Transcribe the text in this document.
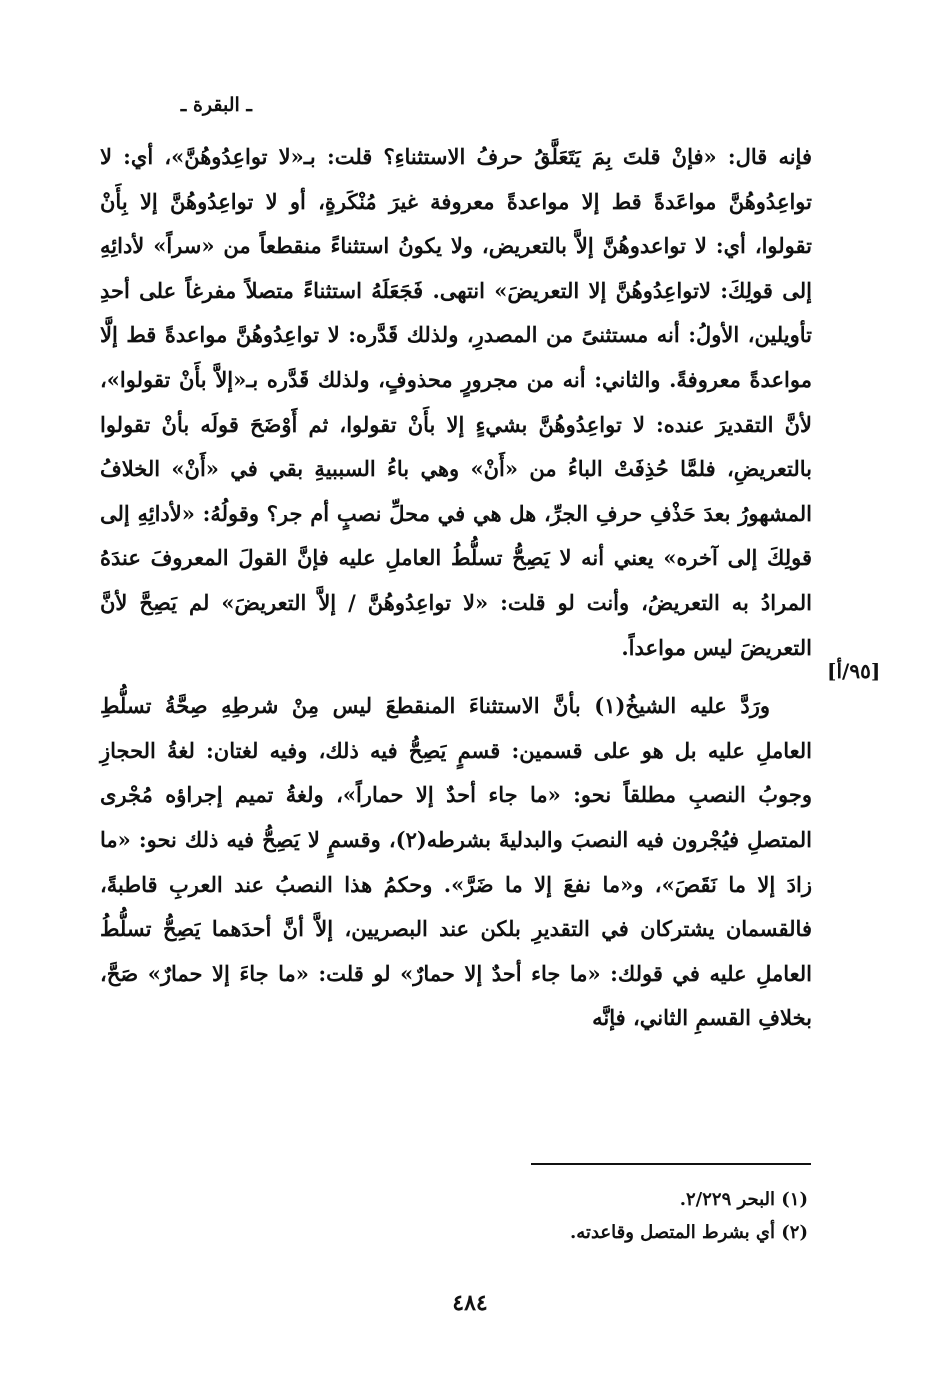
ـ البقرة ـ
[٩٥/أ]

فإنه قال: «فإنْ قلتَ بِمَ يَتَعَلَّقُ حرفُ الاستثناءِ؟ قلت: بـ«لا تواعِدُوهُنَّ»، أي: لا تواعِدُوهُنَّ مواعَدةً قط إلا مواعدةً معروفة غيرَ مُنْكَرةٍ، أو لا تواعِدُوهُنَّ إلا بِأَنْ تقولوا، أي: لا تواعدوهُنَّ إلاَّ بالتعريض، ولا يكونُ استثناءً منقطعاً من «سراً» لأدائِهِ إلى قولِكَ: لاتواعِدُوهُنَّ إلا التعريضَ» انتهى. فَجَعَلَهُ استثناءً متصلاً مفرغاً على أحدِ تأويلين، الأولُ: أنه مستثنىً من المصدرِ، ولذلك قَدَّره: لا تواعِدُوهُنَّ مواعدةً قط إلَّا مواعدةً معروفةً. والثاني: أنه من مجرورٍ محذوفٍ، ولذلك قَدَّره بـ«إلاَّ بأَنْ تقولوا»، لأنَّ التقديرَ عنده: لا تواعِدُوهُنَّ بشيءٍ إلا بأَنْ تقولوا، ثم أَوْضَحَ قولَه بأنْ تقولوا بالتعريضِ، فلمَّا حُذِفَتْ الباءُ من «أَنْ» وهي باءُ السببيةِ بقي في «أَنْ» الخلافُ المشهورُ بعدَ حَذْفِ حرفِ الجرِّ، هل هي في محلِّ نصبٍ أم جر؟ وقولُهُ: «لأدائِهِ إلى قولِكَ إلى آخره» يعني أنه لا يَصِحُّ تسلُّطُ العاملِ عليه فإنَّ القولَ المعروفَ عندَهُ المرادُ به التعريضُ، وأنت لو قلت: «لا تواعِدُوهُنَّ / إلاَّ التعريضَ» لم يَصِحَّ لأنَّ التعريضَ ليس مواعداً.

ورَدَّ عليه الشيخُ(١) بأنَّ الاستثناءَ المنقطعَ ليس مِنْ شرطِهِ صِحَّةُ تسلُّطِ العاملِ عليه بل هو على قسمين: قسمٍ يَصِحُّ فيه ذلك، وفيه لغتان: لغةُ الحجازِ وجوبُ النصبِ مطلقاً نحو: «ما جاء أحدٌ إلا حماراً»، ولغةُ تميم إجراؤه مُجْرى المتصلِ فيُجْرون فيه النصبَ والبدليةَ بشرطه(٢)، وقسمٍ لا يَصِحُّ فيه ذلك نحو: «ما زادَ إلا ما نَقَصَ»، و«ما نفعَ إلا ما ضَرَّ». وحكمُ هذا النصبُ عند العربِ قاطبةً، فالقسمان يشتركان في التقديرِ بلكن عند البصريين، إلاَّ أنَّ أحدَهما يَصِحُّ تسلُّطُ العاملِ عليه في قولك: «ما جاء أحدٌ إلا حمارٌ» لو قلت: «ما جاءَ إلا حمارٌ» صَحَّ، بخلافِ القسمِ الثاني، فإنَّه

(١) البحر ٢/٢٢٩.

(٢) أي بشرط المتصل وقاعدته.

٤٨٤
